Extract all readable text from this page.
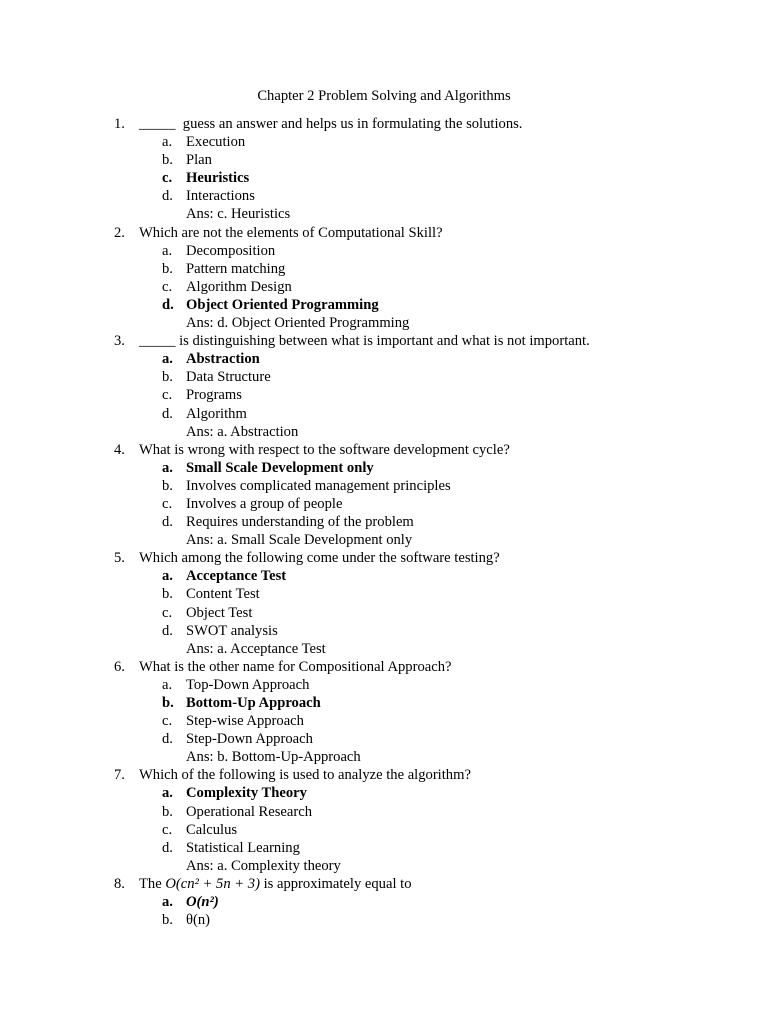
Chapter 2 Problem Solving and Algorithms
1. _____  guess an answer and helps us in formulating the solutions.
a. Execution
b. Plan
c. Heuristics
d. Interactions
Ans: c. Heuristics
2. Which are not the elements of Computational Skill?
a. Decomposition
b. Pattern matching
c. Algorithm Design
d. Object Oriented Programming
Ans: d. Object Oriented Programming
3. _____ is distinguishing between what is important and what is not important.
a. Abstraction
b. Data Structure
c. Programs
d. Algorithm
Ans: a. Abstraction
4. What is wrong with respect to the software development cycle?
a. Small Scale Development only
b. Involves complicated management principles
c. Involves a group of people
d. Requires understanding of the problem
Ans: a. Small Scale Development only
5. Which among the following come under the software testing?
a. Acceptance Test
b. Content Test
c. Object Test
d. SWOT analysis
Ans: a. Acceptance Test
6. What is the other name for Compositional Approach?
a. Top-Down Approach
b. Bottom-Up Approach
c. Step-wise Approach
d. Step-Down Approach
Ans: b. Bottom-Up-Approach
7. Which of the following is used to analyze the algorithm?
a. Complexity Theory
b. Operational Research
c. Calculus
d. Statistical Learning
Ans: a. Complexity theory
8. The O(cn² + 5n + 3) is approximately equal to
a. O(n²)
b. θ(n)
